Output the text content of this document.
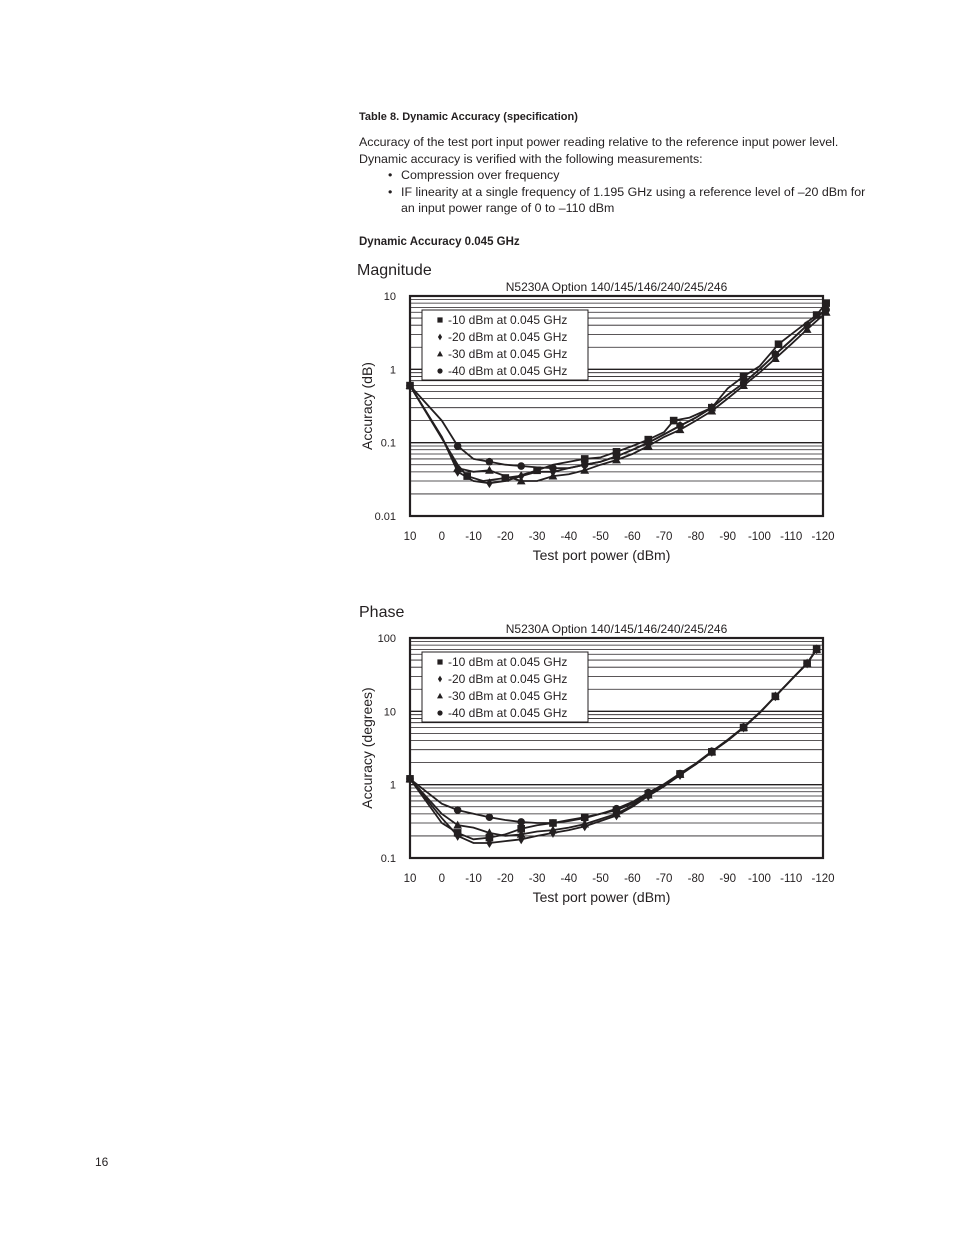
Table 8. Dynamic Accuracy (specification)

Accuracy of the test port input power reading relative to the reference input power level.

Dynamic accuracy is verified with the following measurements:

• Compression over frequency
• IF linearity at a single frequency of 1.195 GHz using a reference level of –20 dBm for an input power range of 0 to –110 dBm
Dynamic Accuracy 0.045 GHz
Magnitude
Phase
N5230A Option 140/145/146/240/245/246
10
1
0.1
0.01
10 0 -10 -20 -30 -40 -50 -60 -70 -80 -90 -100 -110 -120
Test port power (dBm)
Accuracy (dB)
-10 dBm at 0.045 GHz
-20 dBm at 0.045 GHz
-30 dBm at 0.045 GHz
-40 dBm at 0.045 GHz
N5230A Option 140/145/146/240/245/246
100
10
1
0.1
10 0 -10 -20 -30 -40 -50 -60 -70 -80 -90 -100 -110 -120
Test port power (dBm)
Accuracy (degrees)
-10 dBm at 0.045 GHz
-20 dBm at 0.045 GHz
-30 dBm at 0.045 GHz
-40 dBm at 0.045 GHz
16
